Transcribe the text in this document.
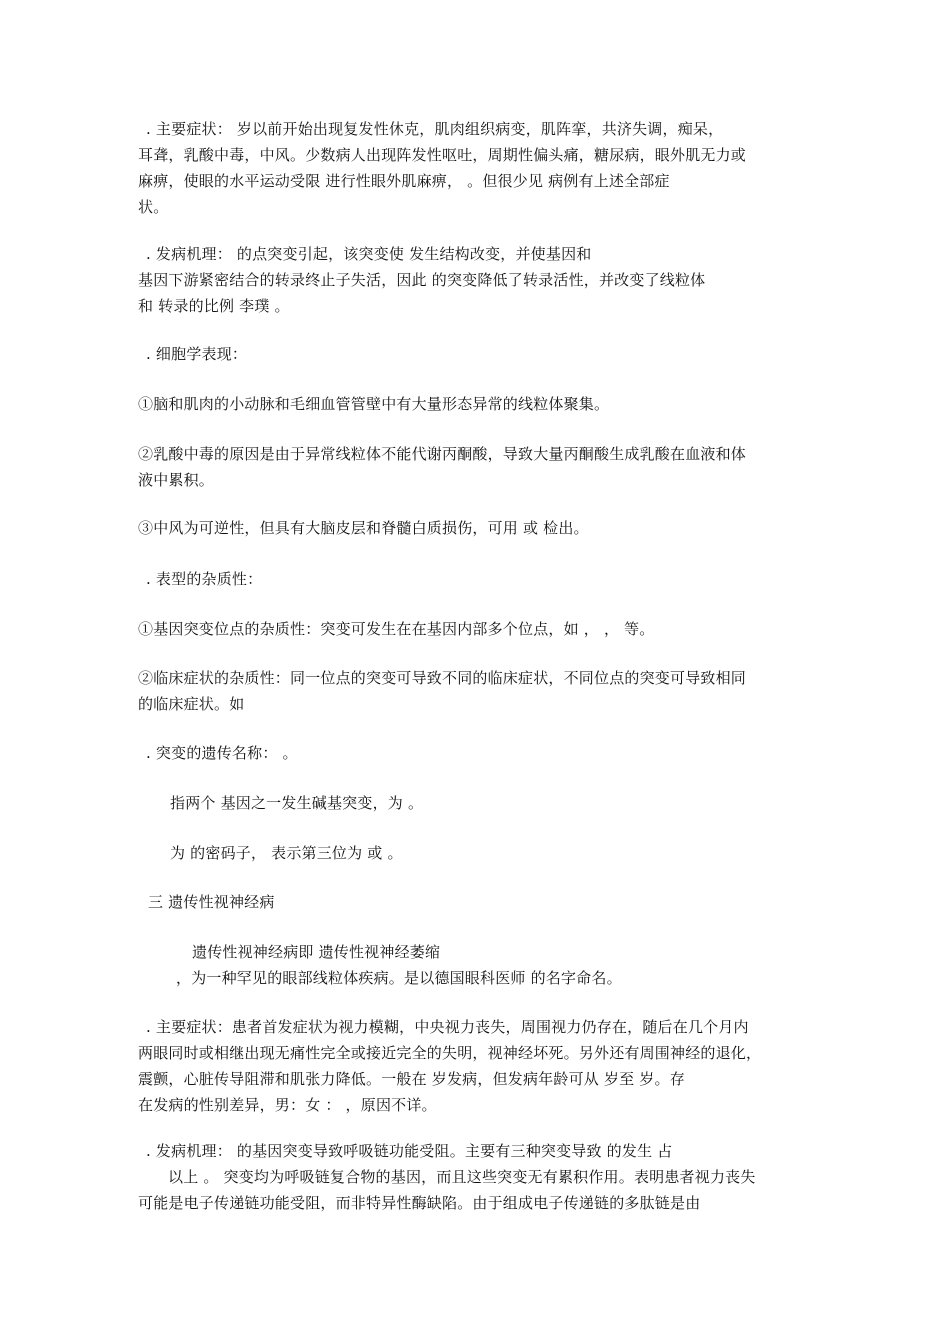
. 主要症状： 岁以前开始出现复发性休克，肌肉组织病变，肌阵挛，共济失调，痴呆，
耳聋，乳酸中毒，中风。少数病人出现阵发性呕吐，周期性偏头痛，糖尿病，眼外肌无力或
麻痹，使眼的水平运动受限 进行性眼外肌麻痹， 。但很少见 病例有上述全部症
状。
. 发病机理： 的点突变引起，该突变使 发生结构改变，并使基因和
基因下游紧密结合的转录终止子失活，因此 的突变降低了转录活性，并改变了线粒体
和 转录的比例 李璞 。
. 细胞学表现：
①脑和肌肉的小动脉和毛细血管管壁中有大量形态异常的线粒体聚集。
②乳酸中毒的原因是由于异常线粒体不能代谢丙酮酸，导致大量丙酮酸生成乳酸在血液和体
液中累积。
③中风为可逆性，但具有大脑皮层和脊髓白质损伤，可用 或 检出。
. 表型的杂质性：
①基因突变位点的杂质性：突变可发生在在基因内部多个位点，如 ， ， 等。
②临床症状的杂质性：同一位点的突变可导致不同的临床症状，不同位点的突变可导致相同
的临床症状。如
. 突变的遗传名称： 。
指两个 基因之一发生碱基突变，为 。
为 的密码子， 表示第三位为 或 。
三 遗传性视神经病
遗传性视神经病即 遗传性视神经萎缩
，为一种罕见的眼部线粒体疾病。是以德国眼科医师 的名字命名。
. 主要症状：患者首发症状为视力模糊，中央视力丧失，周围视力仍存在，随后在几个月内
两眼同时或相继出现无痛性完全或接近完全的失明，视神经坏死。另外还有周围神经的退化，
震颤，心脏传导阻滞和肌张力降低。一般在 岁发病，但发病年龄可从 岁至 岁。存
在发病的性别差异，男：女 ： ，原因不详。
. 发病机理： 的基因突变导致呼吸链功能受阻。主要有三种突变导致 的发生 占
以上 。 突变均为呼吸链复合物的基因，而且这些突变无有累积作用。表明患者视力丧失
可能是电子传递链功能受阻，而非特异性酶缺陷。由于组成电子传递链的多肽链是由
